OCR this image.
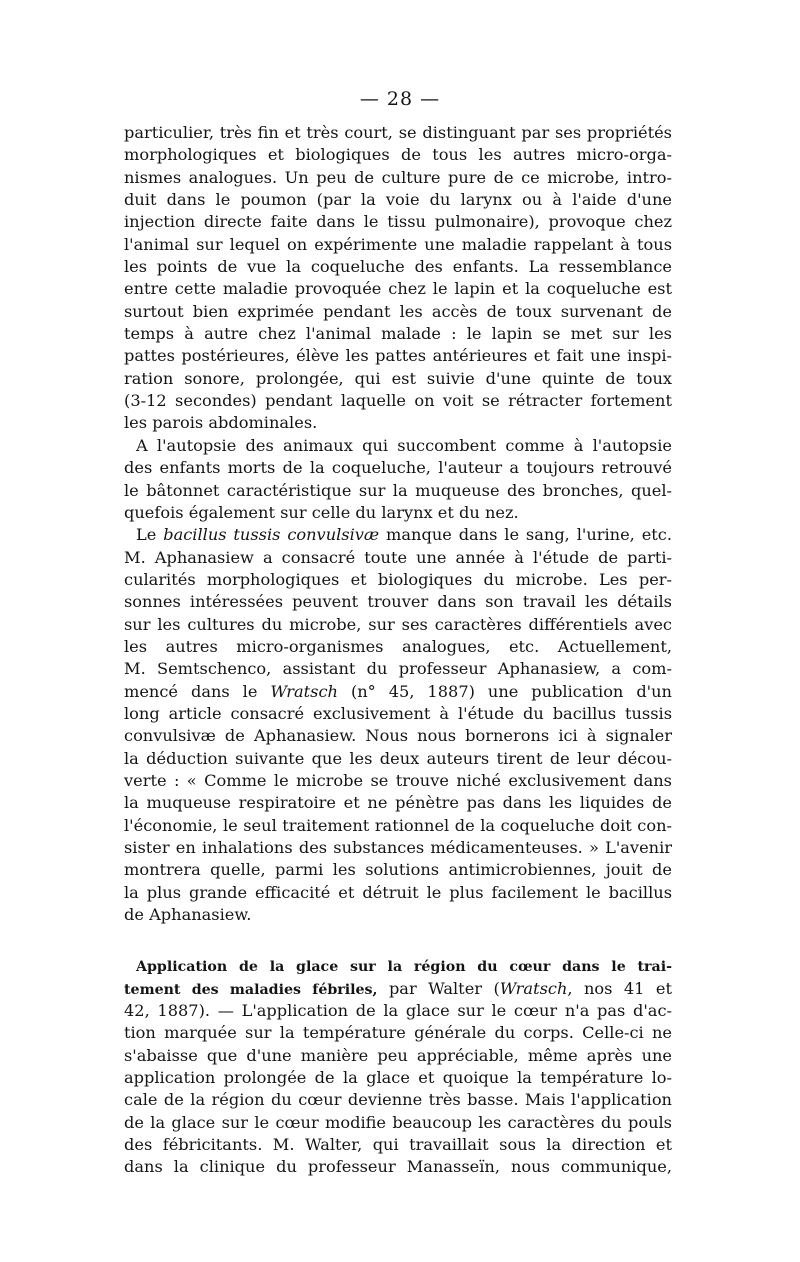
— 28 —
particulier, très fin et très court, se distinguant par ses propriétés
morphologiques et biologiques de tous les autres micro-orga-
nismes analogues. Un peu de culture pure de ce microbe, intro-
duit dans le poumon (par la voie du larynx ou à l'aide d'une
injection directe faite dans le tissu pulmonaire), provoque chez
l'animal sur lequel on expérimente une maladie rappelant à tous
les points de vue la coqueluche des enfants. La ressemblance
entre cette maladie provoquée chez le lapin et la coqueluche est
surtout bien exprimée pendant les accès de toux survenant de
temps à autre chez l'animal malade : le lapin se met sur les
pattes postérieures, élève les pattes antérieures et fait une inspi-
ration sonore, prolongée, qui est suivie d'une quinte de toux
(3-12 secondes) pendant laquelle on voit se rétracter fortement
les parois abdominales.
A l'autopsie des animaux qui succombent comme à l'autopsie
des enfants morts de la coqueluche, l'auteur a toujours retrouvé
le bâtonnet caractéristique sur la muqueuse des bronches, quel-
quefois également sur celle du larynx et du nez.
Le bacillus tussis convulsivæ manque dans le sang, l'urine, etc.
M. Aphanasiew a consacré toute une année à l'étude de parti-
cularités morphologiques et biologiques du microbe. Les per-
sonnes intéressées peuvent trouver dans son travail les détails
sur les cultures du microbe, sur ses caractères différentiels avec
les autres micro-organismes analogues, etc. Actuellement,
M. Semtschenco, assistant du professeur Aphanasiew, a com-
mencé dans le Wratsch (n° 45, 1887) une publication d'un
long article consacré exclusivement à l'étude du bacillus tussis
convulsivæ de Aphanasiew. Nous nous bornerons ici à signaler
la déduction suivante que les deux auteurs tirent de leur décou-
verte : « Comme le microbe se trouve niché exclusivement dans
la muqueuse respiratoire et ne pénètre pas dans les liquides de
l'économie, le seul traitement rationnel de la coqueluche doit con-
sister en inhalations des substances médicamenteuses. » L'avenir
montrera quelle, parmi les solutions antimicrobiennes, jouit de
la plus grande efficacité et détruit le plus facilement le bacillus
de Aphanasiew.
Application de la glace sur la région du cœur dans le trai-
tement des maladies fébriles, par Walter (Wratsch, nos 41 et
42, 1887). — L'application de la glace sur le cœur n'a pas d'ac-
tion marquée sur la température générale du corps. Celle-ci ne
s'abaisse que d'une manière peu appréciable, même après une
application prolongée de la glace et quoique la température lo-
cale de la région du cœur devienne très basse. Mais l'application
de la glace sur le cœur modifie beaucoup les caractères du pouls
des fébricitants. M. Walter, qui travaillait sous la direction et
dans la clinique du professeur Manasseïn, nous communique,
